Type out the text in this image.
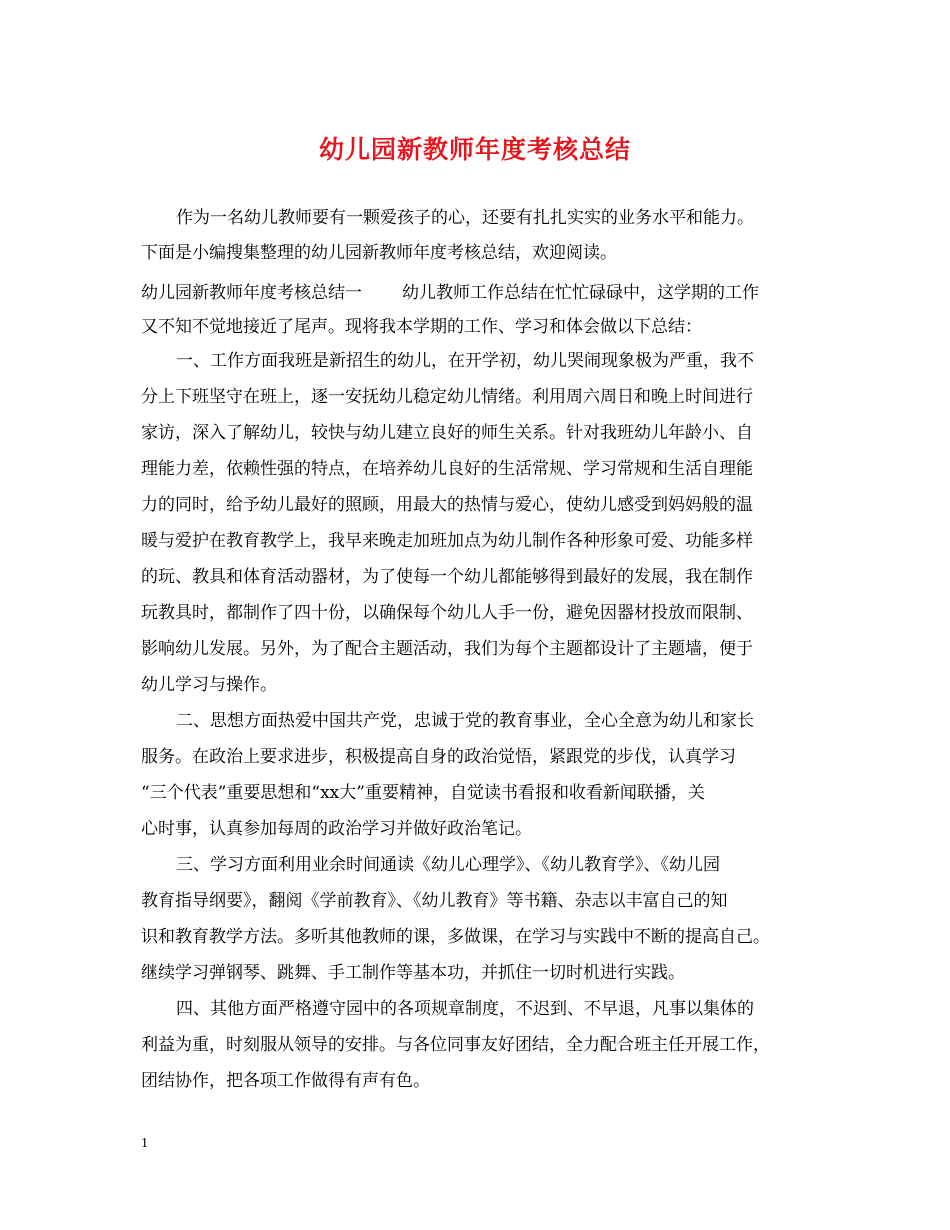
幼儿园新教师年度考核总结
作为一名幼儿教师要有一颗爱孩子的心，还要有扎扎实实的业务水平和能力。
下面是小编搜集整理的幼儿园新教师年度考核总结，欢迎阅读。
幼儿园新教师年度考核总结一 幼儿教师工作总结在忙忙碌碌中，这学期的工作
又不知不觉地接近了尾声。现将我本学期的工作、学习和体会做以下总结：
一、工作方面我班是新招生的幼儿，在开学初，幼儿哭闹现象极为严重，我不
分上下班坚守在班上，逐一安抚幼儿稳定幼儿情绪。利用周六周日和晚上时间进行
家访，深入了解幼儿，较快与幼儿建立良好的师生关系。针对我班幼儿年龄小、自
理能力差，依赖性强的特点，在培养幼儿良好的生活常规、学习常规和生活自理能
力的同时，给予幼儿最好的照顾，用最大的热情与爱心，使幼儿感受到妈妈般的温
暖与爱护在教育教学上，我早来晚走加班加点为幼儿制作各种形象可爱、功能多样
的玩、教具和体育活动器材，为了使每一个幼儿都能够得到最好的发展，我在制作
玩教具时，都制作了四十份，以确保每个幼儿人手一份，避免因器材投放而限制、
影响幼儿发展。另外，为了配合主题活动，我们为每个主题都设计了主题墙，便于
幼儿学习与操作。
二、思想方面热爱中国共产党，忠诚于党的教育事业，全心全意为幼儿和家长
服务。在政治上要求进步，积极提高自身的政治觉悟，紧跟党的步伐，认真学习
“三个代表”重要思想和“xx大”重要精神，自觉读书看报和收看新闻联播，关
心时事，认真参加每周的政治学习并做好政治笔记。
三、学习方面利用业余时间通读《幼儿心理学》、《幼儿教育学》、《幼儿园
教育指导纲要》，翻阅《学前教育》、《幼儿教育》等书籍、杂志以丰富自己的知
识和教育教学方法。多听其他教师的课，多做课，在学习与实践中不断的提高自己。
继续学习弹钢琴、跳舞、手工制作等基本功，并抓住一切时机进行实践。
四、其他方面严格遵守园中的各项规章制度，不迟到、不早退，凡事以集体的
利益为重，时刻服从领导的安排。与各位同事友好团结，全力配合班主任开展工作，
团结协作，把各项工作做得有声有色。
1
